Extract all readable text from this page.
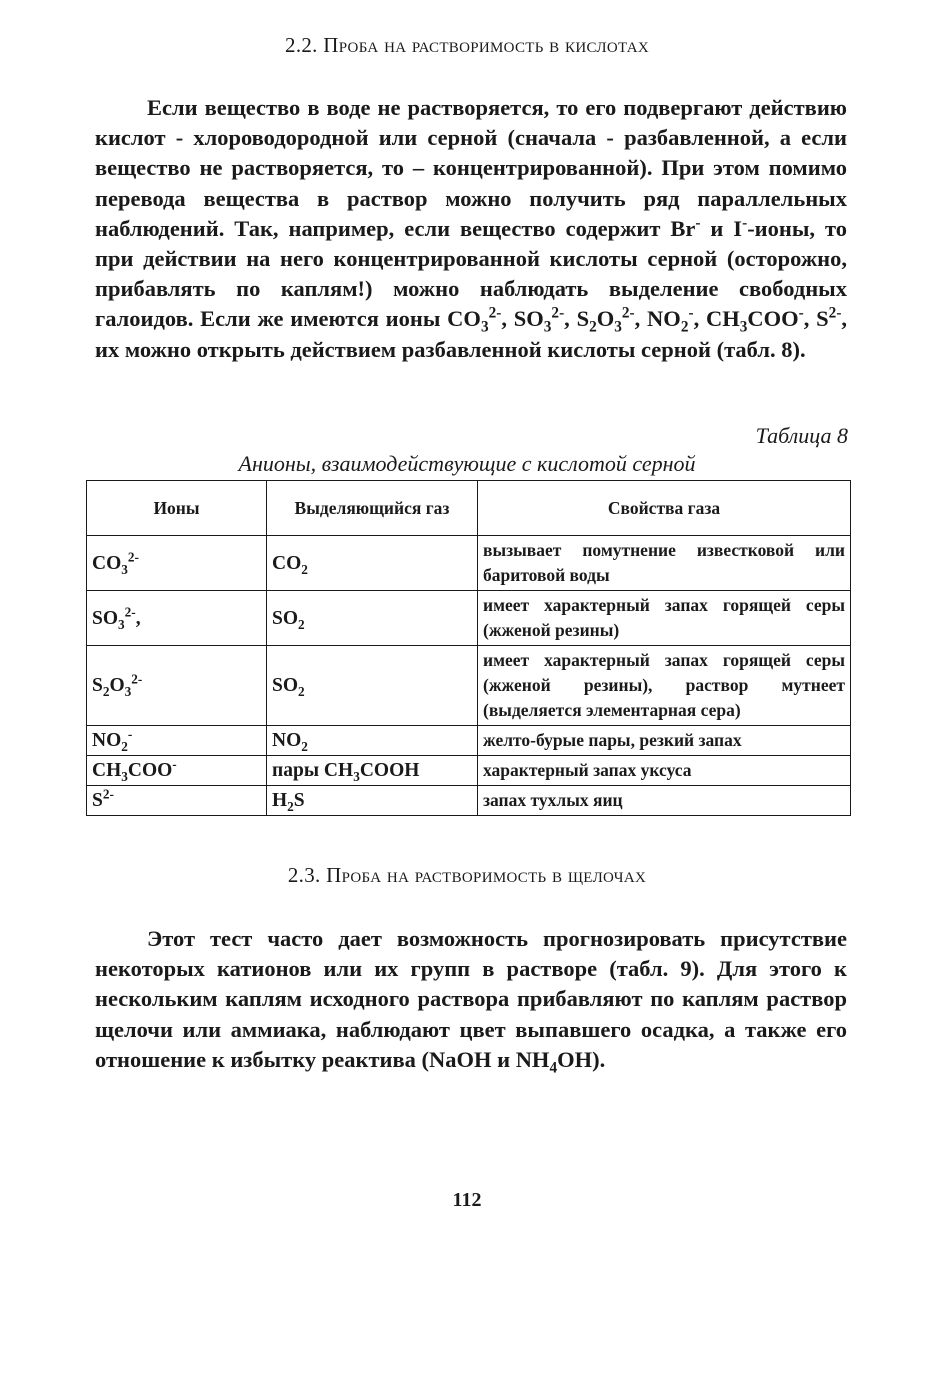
2.2. Проба на растворимость в кислотах

Если вещество в воде не растворяется, то его подвергают действию кислот - хлороводородной или серной (сначала - разбавленной, а если вещество не растворяется, то – концентрированной). При этом помимо перевода вещества в раствор можно получить ряд параллельных наблюдений. Так, например, если вещество содержит Br- и I--ионы, то при действии на него концентрированной кислоты серной (осторожно, прибавлять по каплям!) можно наблюдать выделение свободных галоидов. Если же имеются ионы $CO_3^{2-}$, $SO_3^{2-}$, $S_2O_3^{2-}$, $NO_2^-$, $CH_3COO^-$, $S^{2-}$, их можно открыть действием разбавленной кислоты серной (табл. 8).

Таблица 8
Анионы, взаимодействующие с кислотой серной
Ионы	Выделяющийся газ	Свойства газа
$CO_3^{2-}$	$CO_2$	вызывает помутнение известковой или баритовой воды
$SO_3^{2-}$,	$SO_2$	имеет характерный запах горящей серы (жженой резины)
$S_2O_3^{2-}$	$SO_2$	имеет характерный запах горящей серы (жженой резины), раствор мутнеет (выделяется элементарная сера)
$NO_2^-$	$NO_2$	желто-бурые пары, резкий запах
$CH_3COO^-$	пары $CH_3COOH$	характерный запах уксуса
$S^{2-}$	$H_2S$	запах тухлых яиц
2.3. Проба на растворимость в щелочах

Этот тест часто дает возможность прогнозировать присутствие некоторых катионов или их групп в растворе (табл. 9). Для этого к нескольким каплям исходного раствора прибавляют по каплям раствор щелочи или аммиака, наблюдают цвет выпавшего осадка, а также его отношение к избытку реактива (NaOH и $NH_4OH$).

112
